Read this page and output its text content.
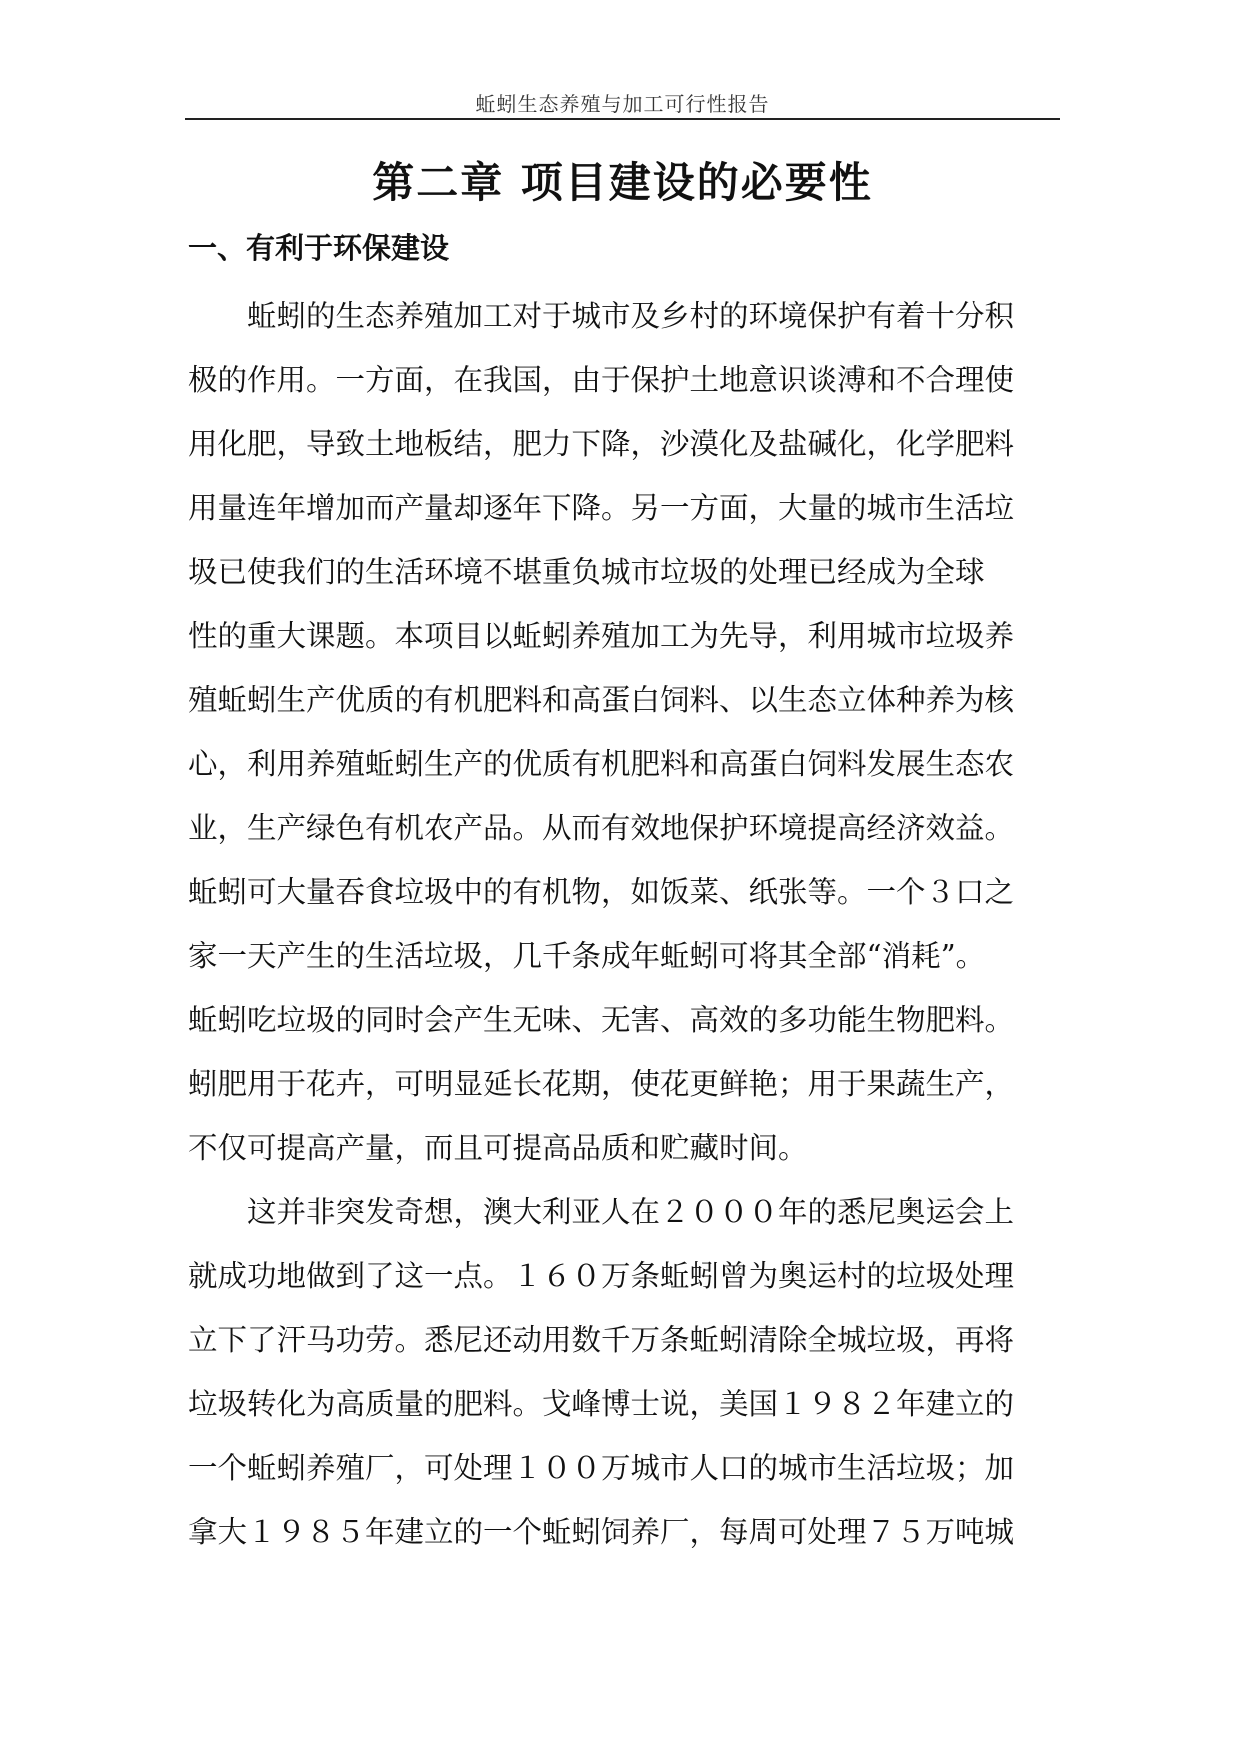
蚯蚓生态养殖与加工可行性报告
第二章 项目建设的必要性
一、有利于环保建设
蚯蚓的生态养殖加工对于城市及乡村的环境保护有着十分积
极的作用。一方面，在我国，由于保护土地意识谈溥和不合理使
用化肥，导致土地板结，肥力下降，沙漠化及盐碱化，化学肥料
用量连年增加而产量却逐年下降。另一方面，大量的城市生活垃
圾已使我们的生活环境不堪重负城市垃圾的处理已经成为全球
性的重大课题。本项目以蚯蚓养殖加工为先导，利用城市垃圾养
殖蚯蚓生产优质的有机肥料和高蛋白饲料、以生态立体种养为核
心，利用养殖蚯蚓生产的优质有机肥料和高蛋白饲料发展生态农
业，生产绿色有机农产品。从而有效地保护环境提高经济效益。
蚯蚓可大量吞食垃圾中的有机物，如饭菜、纸张等。一个３口之
家一天产生的生活垃圾，几千条成年蚯蚓可将其全部“消耗”。
蚯蚓吃垃圾的同时会产生无味、无害、高效的多功能生物肥料。
蚓肥用于花卉，可明显延长花期，使花更鲜艳；用于果蔬生产，
不仅可提高产量，而且可提高品质和贮藏时间。
这并非突发奇想，澳大利亚人在２０００年的悉尼奥运会上
就成功地做到了这一点。１６０万条蚯蚓曾为奥运村的垃圾处理
立下了汗马功劳。悉尼还动用数千万条蚯蚓清除全城垃圾，再将
垃圾转化为高质量的肥料。戈峰博士说，美国１９８２年建立的
一个蚯蚓养殖厂，可处理１００万城市人口的城市生活垃圾；加
拿大１９８５年建立的一个蚯蚓饲养厂，每周可处理７５万吨城
